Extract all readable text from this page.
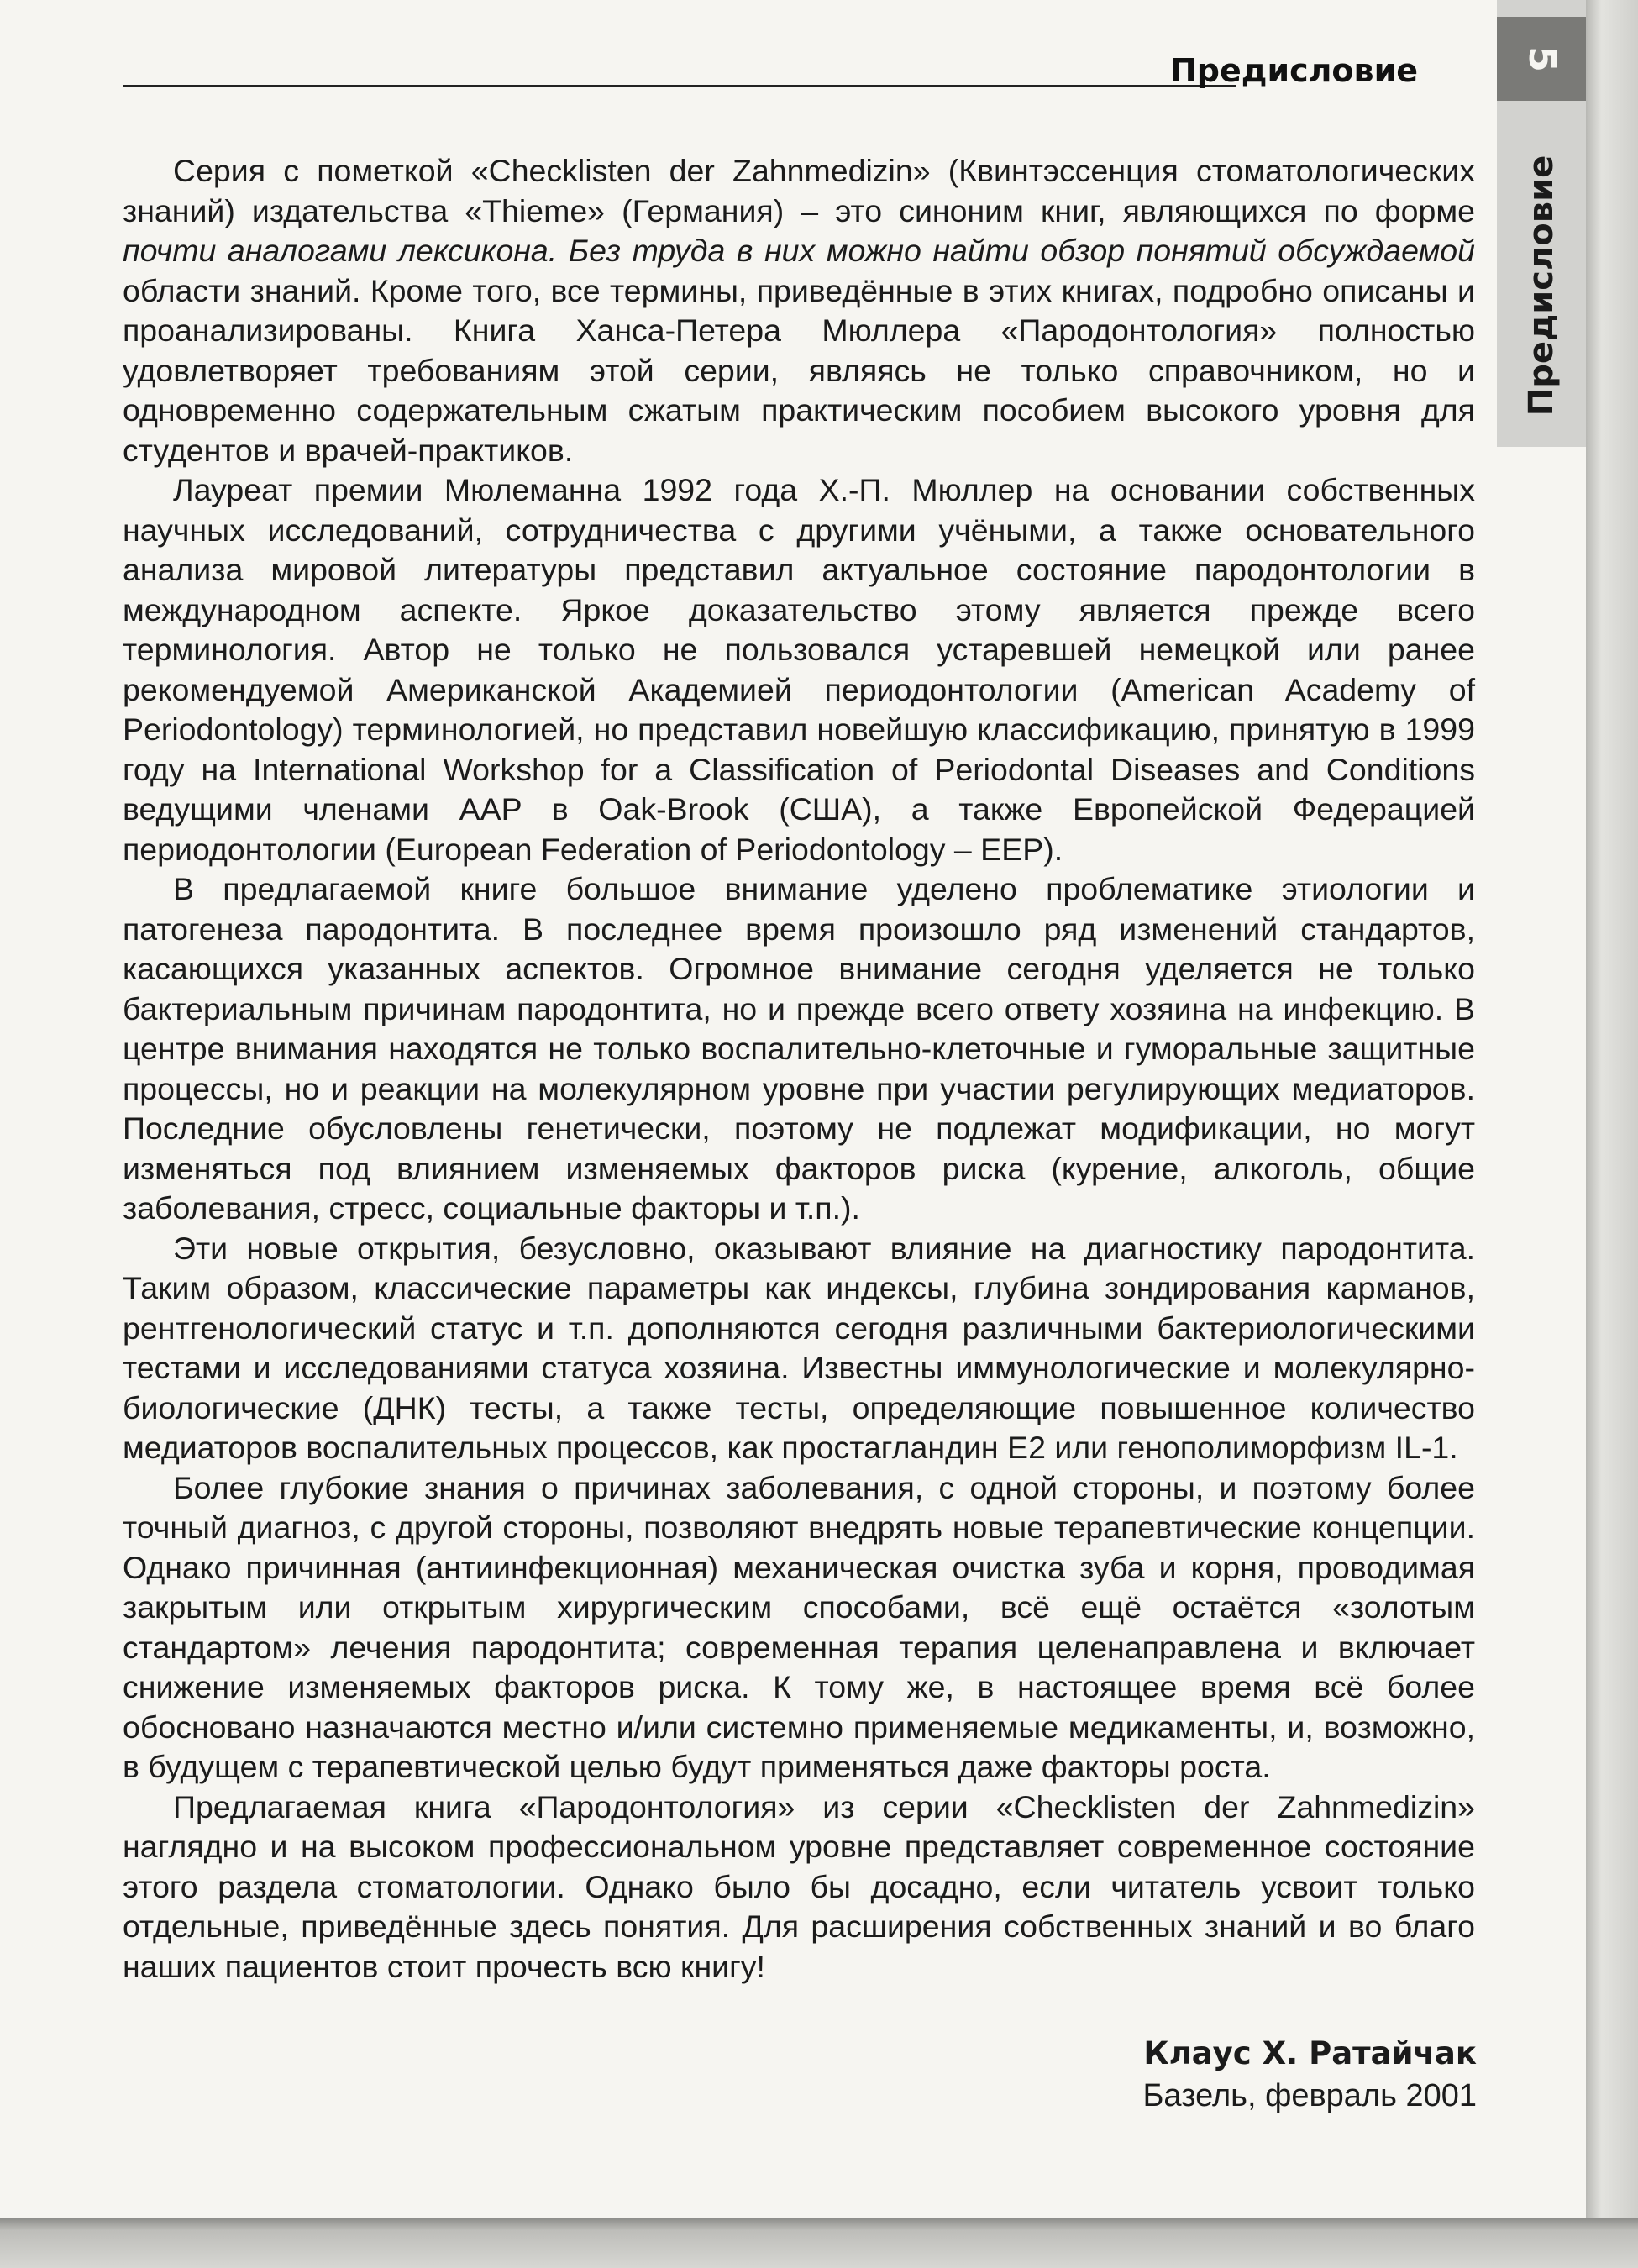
Предисловие	5
Предисловие

Серия с пометкой «Checklisten der Zahnmedizin» (Квинтэссенция стоматологических знаний) издательства «Thieme» (Германия) – это синоним книг, являющихся по форме почти аналогами лексикона. Без труда в них можно найти обзор понятий обсуждаемой области знаний. Кроме того, все термины, приведённые в этих книгах, подробно описаны и проанализированы. Книга Ханса-Петера Мюллера «Пародонтология» полностью удовлетворяет требованиям этой серии, являясь не только справочником, но и одновременно содержательным сжатым практическим пособием высокого уровня для студентов и врачей-практиков.

Лауреат премии Мюлеманна 1992 года Х.-П. Мюллер на основании собственных научных исследований, сотрудничества с другими учёными, а также основательного анализа мировой литературы представил актуальное состояние пародонтологии в международном аспекте. Яркое доказательство этому является прежде всего терминология. Автор не только не пользовался устаревшей немецкой или ранее рекомендуемой Американской Академией периодонтологии (American Academy of Periodontology) терминологией, но представил новейшую классификацию, принятую в 1999 году на International Workshop for a Classification of Periodontal Diseases and Conditions ведущими членами AAP в Oak-Brook (США), а также Европейской Федерацией периодонтологии (European Federation of Periodontology – EEP).

В предлагаемой книге большое внимание уделено проблематике этиологии и патогенеза пародонтита. В последнее время произошло ряд изменений стандартов, касающихся указанных аспектов. Огромное внимание сегодня уделяется не только бактериальным причинам пародонтита, но и прежде всего ответу хозяина на инфекцию. В центре внимания находятся не только воспалительно-клеточные и гуморальные защитные процессы, но и реакции на молекулярном уровне при участии регулирующих медиаторов. Последние обусловлены генетически, поэтому не подлежат модификации, но могут изменяться под влиянием изменяемых факторов риска (курение, алкоголь, общие заболевания, стресс, социальные факторы и т.п.).

Эти новые открытия, безусловно, оказывают влияние на диагностику пародонтита. Таким образом, классические параметры как индексы, глубина зондирования карманов, рентгенологический статус и т.п. дополняются сегодня различными бактериологическими тестами и исследованиями статуса хозяина. Известны иммунологические и молекулярно-биологические (ДНК) тесты, а также тесты, определяющие повышенное количество медиаторов воспалительных процессов, как простагландин E2 или генополиморфизм IL-1.

Более глубокие знания о причинах заболевания, с одной стороны, и поэтому более точный диагноз, с другой стороны, позволяют внедрять новые терапевтические концепции. Однако причинная (антиинфекционная) механическая очистка зуба и корня, проводимая закрытым или открытым хирургическим способами, всё ещё остаётся «золотым стандартом» лечения пародонтита; современная терапия целенаправлена и включает снижение изменяемых факторов риска. К тому же, в настоящее время всё более обосновано назначаются местно и/или системно применяемые медикаменты, и, возможно, в будущем с терапевтической целью будут применяться даже факторы роста.

Предлагаемая книга «Пародонтология» из серии «Checklisten der Zahnmedizin» наглядно и на высоком профессиональном уровне представляет современное состояние этого раздела стоматологии. Однако было бы досадно, если читатель усвоит только отдельные, приведённые здесь понятия. Для расширения собственных знаний и во благо наших пациентов стоит прочесть всю книгу!

Клаус Х. Ратайчак
Базель, февраль 2001
